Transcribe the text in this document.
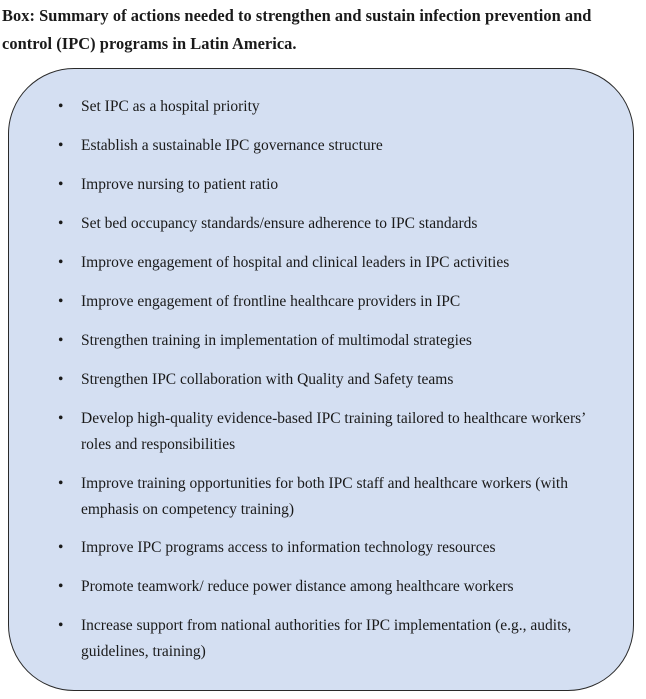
Box: Summary of actions needed to strengthen and sustain infection prevention and control (IPC) programs in Latin America.
• Set IPC as a hospital priority
• Establish a sustainable IPC governance structure
• Improve nursing to patient ratio
• Set bed occupancy standards/ensure adherence to IPC standards
• Improve engagement of hospital and clinical leaders in IPC activities
• Improve engagement of frontline healthcare providers in IPC
• Strengthen training in implementation of multimodal strategies
• Strengthen IPC collaboration with Quality and Safety teams
• Develop high-quality evidence-based IPC training tailored to healthcare workers’ roles and responsibilities
• Improve training opportunities for both IPC staff and healthcare workers (with emphasis on competency training)
• Improve IPC programs access to information technology resources
• Promote teamwork/ reduce power distance among healthcare workers
• Increase support from national authorities for IPC implementation (e.g., audits, guidelines, training)
